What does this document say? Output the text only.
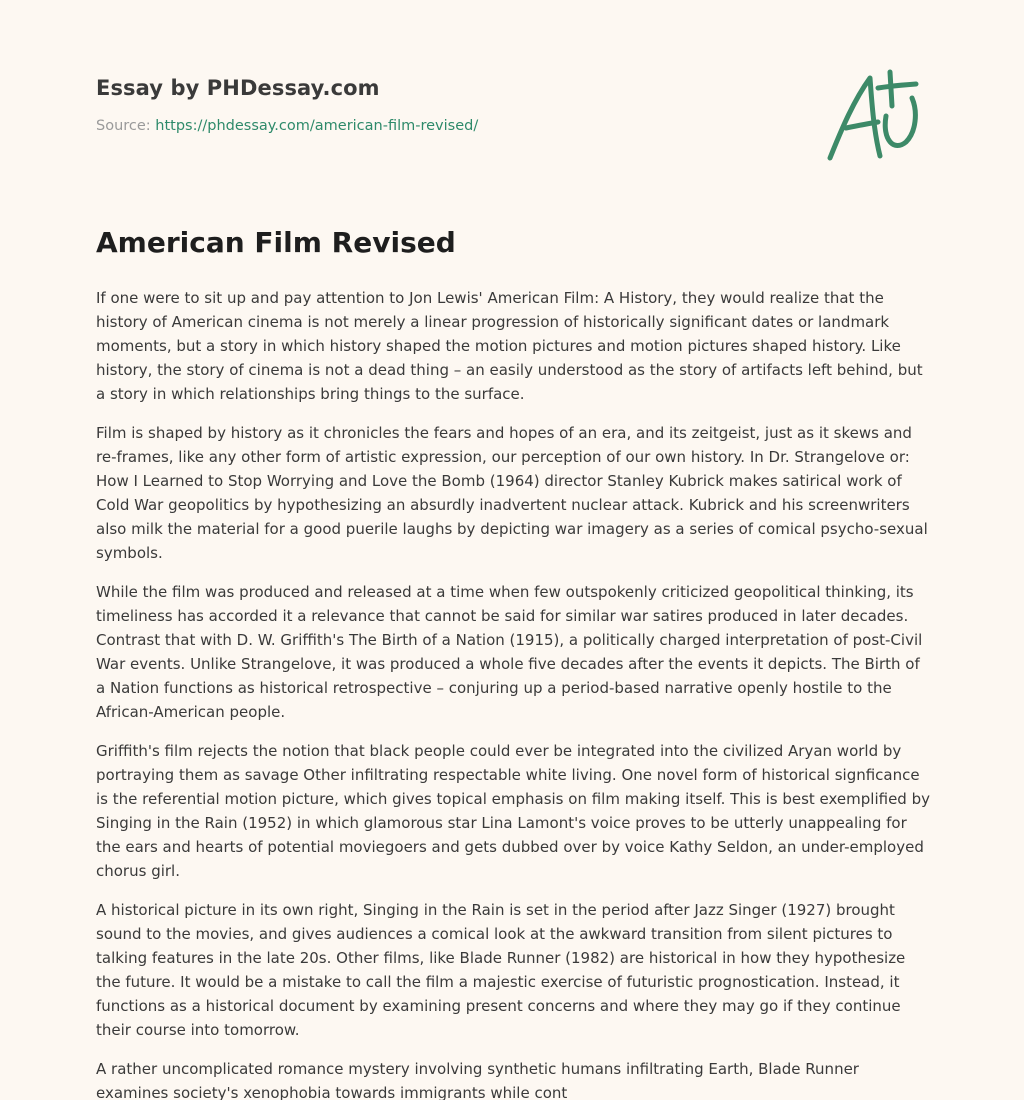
Essay by PHDessay.com
Source: https://phdessay.com/american-film-revised/
American Film Revised

If one were to sit up and pay attention to Jon Lewis' American Film: A History, they would realize that the history of American cinema is not merely a linear progression of historically significant dates or landmark moments, but a story in which history shaped the motion pictures and motion pictures shaped history. Like history, the story of cinema is not a dead thing – an easily understood as the story of artifacts left behind, but a story in which relationships bring things to the surface.

Film is shaped by history as it chronicles the fears and hopes of an era, and its zeitgeist, just as it skews and re-frames, like any other form of artistic expression, our perception of our own history. In Dr. Strangelove or: How I Learned to Stop Worrying and Love the Bomb (1964) director Stanley Kubrick makes satirical work of Cold War geopolitics by hypothesizing an absurdly inadvertent nuclear attack. Kubrick and his screenwriters also milk the material for a good puerile laughs by depicting war imagery as a series of comical psycho-sexual symbols.

While the film was produced and released at a time when few outspokenly criticized geopolitical thinking, its timeliness has accorded it a relevance that cannot be said for similar war satires produced in later decades. Contrast that with D. W. Griffith's The Birth of a Nation (1915), a politically charged interpretation of post-Civil War events. Unlike Strangelove, it was produced a whole five decades after the events it depicts. The Birth of a Nation functions as historical retrospective – conjuring up a period-based narrative openly hostile to the African-American people.

Griffith's film rejects the notion that black people could ever be integrated into the civilized Aryan world by portraying them as savage Other infiltrating respectable white living. One novel form of historical signficance is the referential motion picture, which gives topical emphasis on film making itself. This is best exemplified by Singing in the Rain (1952) in which glamorous star Lina Lamont's voice proves to be utterly unappealing for the ears and hearts of potential moviegoers and gets dubbed over by voice Kathy Seldon, an under-employed chorus girl.

A historical picture in its own right, Singing in the Rain is set in the period after Jazz Singer (1927) brought sound to the movies, and gives audiences a comical look at the awkward transition from silent pictures to talking features in the late 20s. Other films, like Blade Runner (1982) are historical in how they hypothesize the future. It would be a mistake to call the film a majestic exercise of futuristic prognostication. Instead, it functions as a historical document by examining present concerns and where they may go if they continue their course into tomorrow.

A rather uncomplicated romance mystery involving synthetic humans infiltrating Earth, Blade Runner examines society's xenophobia towards immigrants while cont
